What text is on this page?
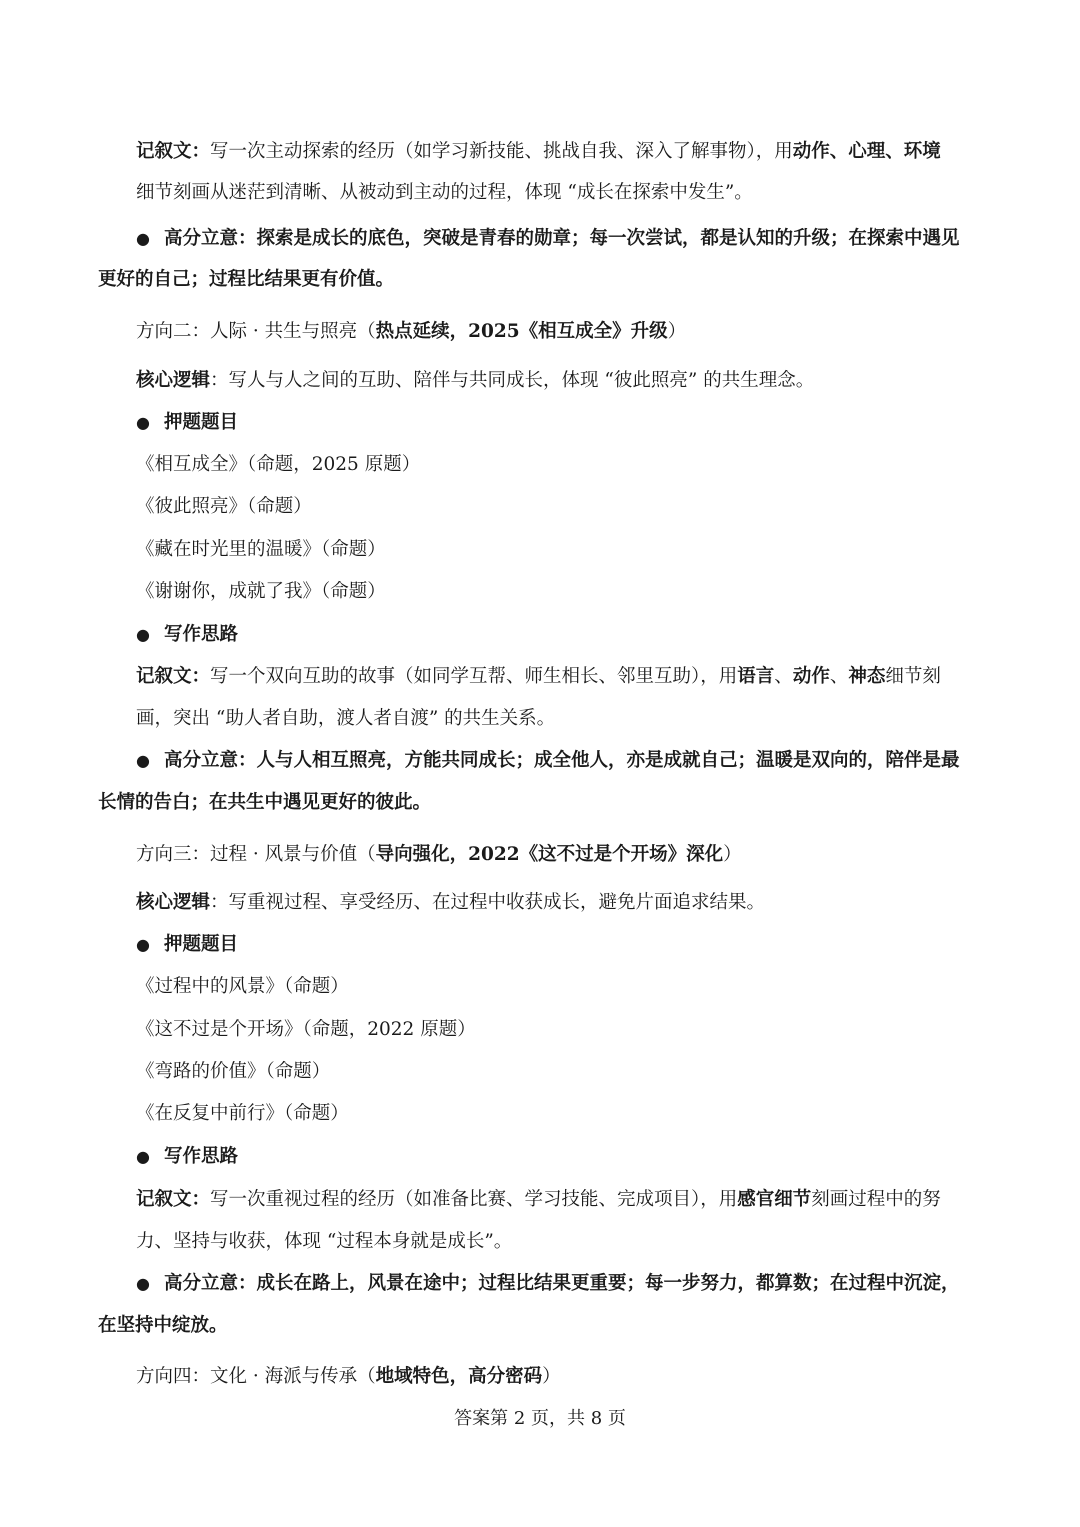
记叙文：写一次主动探索的经历（如学习新技能、挑战自我、深入了解事物），用动作、心理、环境
细节刻画从迷茫到清晰、从被动到主动的过程，体现 “成长在探索中发生”。
● 高分立意：探索是成长的底色，突破是青春的勋章；每一次尝试，都是认知的升级；在探索中遇见
更好的自己；过程比结果更有价值。
方向二：人际 · 共生与照亮（热点延续，2025《相互成全》升级）
核心逻辑：写人与人之间的互助、陪伴与共同成长，体现 “彼此照亮” 的共生理念。
● 押题题目
《相互成全》（命题，2025 原题）
《彼此照亮》（命题）
《藏在时光里的温暖》（命题）
《谢谢你，成就了我》（命题）
● 写作思路
记叙文：写一个双向互助的故事（如同学互帮、师生相长、邻里互助），用语言、动作、神态细节刻
画，突出 “助人者自助，渡人者自渡” 的共生关系。
● 高分立意：人与人相互照亮，方能共同成长；成全他人，亦是成就自己；温暖是双向的，陪伴是最
长情的告白；在共生中遇见更好的彼此。
方向三：过程 · 风景与价值（导向强化，2022《这不过是个开场》深化）
核心逻辑：写重视过程、享受经历、在过程中收获成长，避免片面追求结果。
● 押题题目
《过程中的风景》（命题）
《这不过是个开场》（命题，2022 原题）
《弯路的价值》（命题）
《在反复中前行》（命题）
● 写作思路
记叙文：写一次重视过程的经历（如准备比赛、学习技能、完成项目），用感官细节刻画过程中的努
力、坚持与收获，体现 “过程本身就是成长”。
● 高分立意：成长在路上，风景在途中；过程比结果更重要；每一步努力，都算数；在过程中沉淀，
在坚持中绽放。
方向四：文化 · 海派与传承（地域特色，高分密码）
答案第 2 页，共 8 页
